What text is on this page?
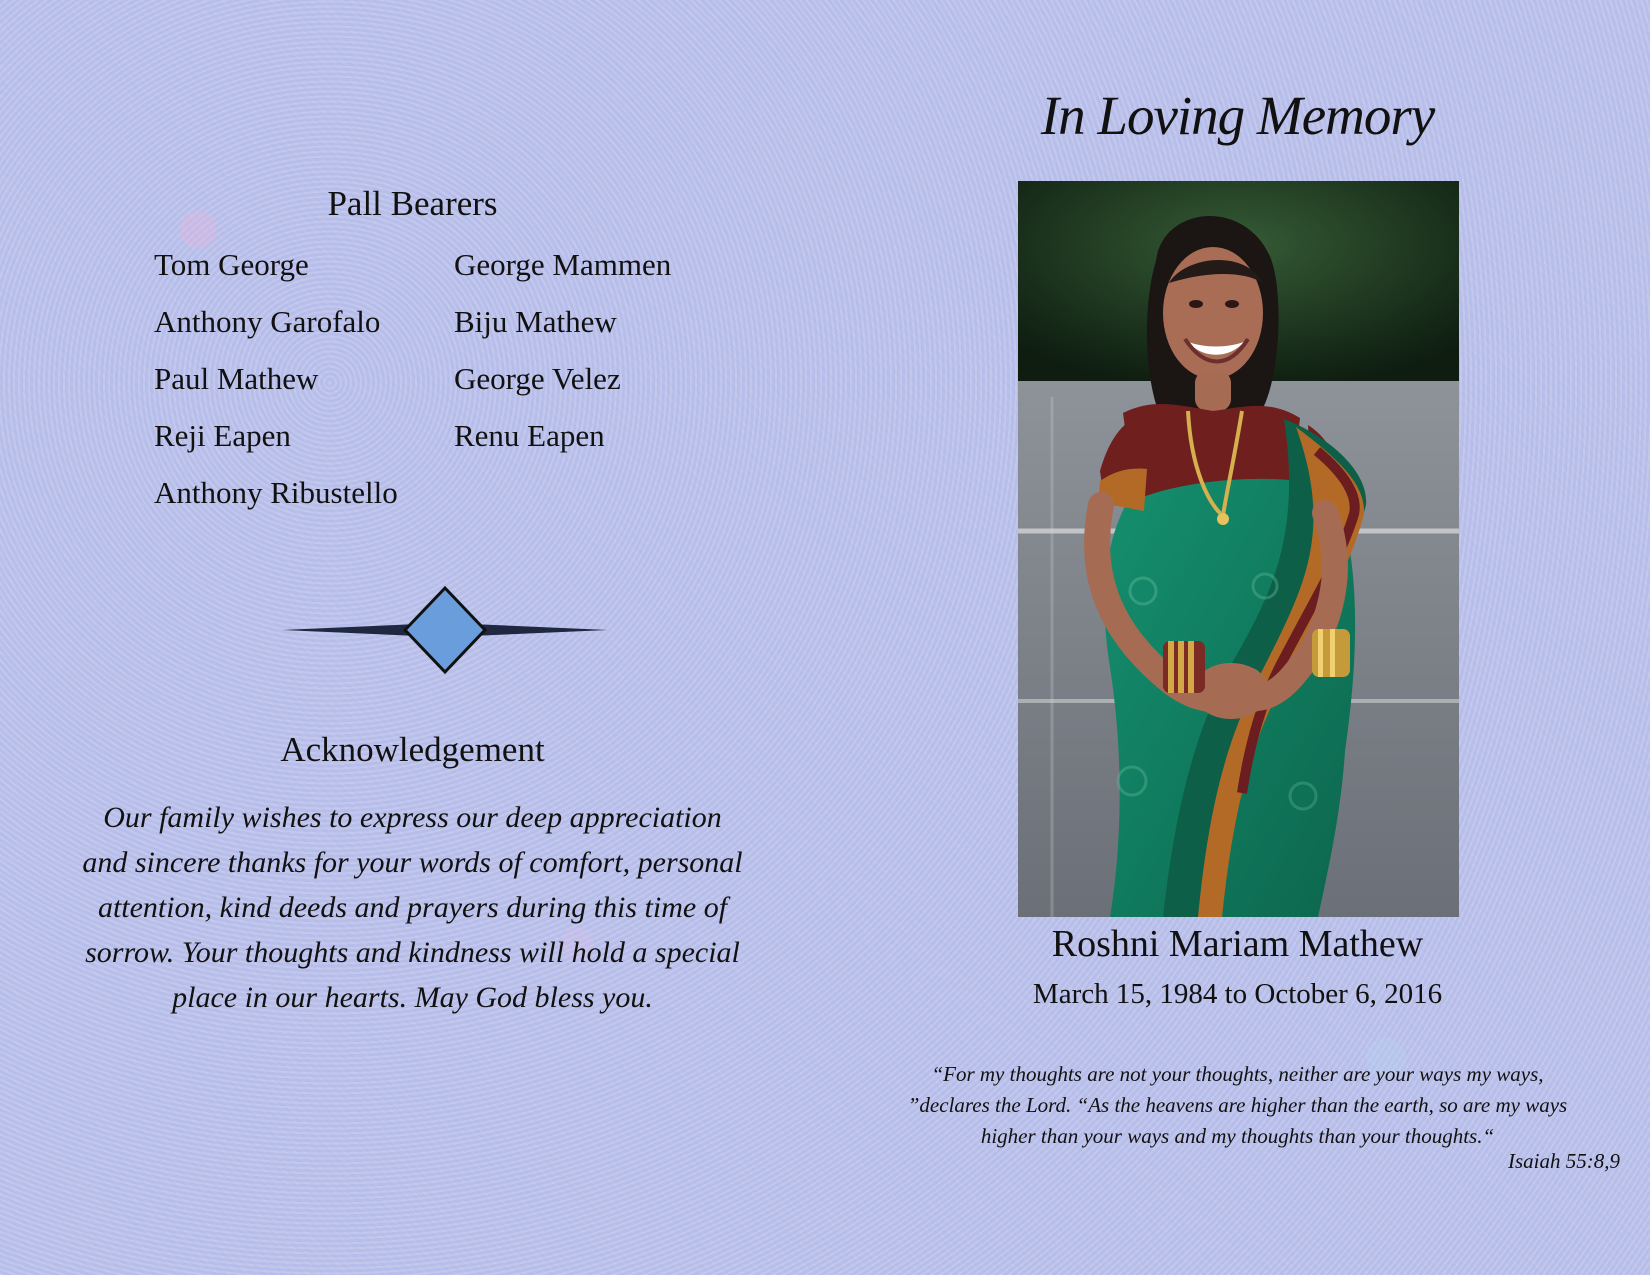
Pall Bearers
Tom George	George Mammen
Anthony Garofalo	Biju Mathew
Paul Mathew	George Velez
Reji Eapen	Renu Eapen
Anthony Ribustello
Acknowledgement

Our family wishes to express our deep appreciation and sincere thanks for your words of comfort, personal attention, kind deeds and prayers during this time of sorrow. Your thoughts and kindness will hold a special place in our hearts. May God bless you.

In Loving Memory
Roshni Mariam Mathew

March 15, 1984 to October 6, 2016

“For my thoughts are not your thoughts, neither are your ways my ways, ”declares the Lord. “As the heavens are higher than the earth, so are my ways higher than your ways and my thoughts than your thoughts.“

Isaiah 55:8,9
